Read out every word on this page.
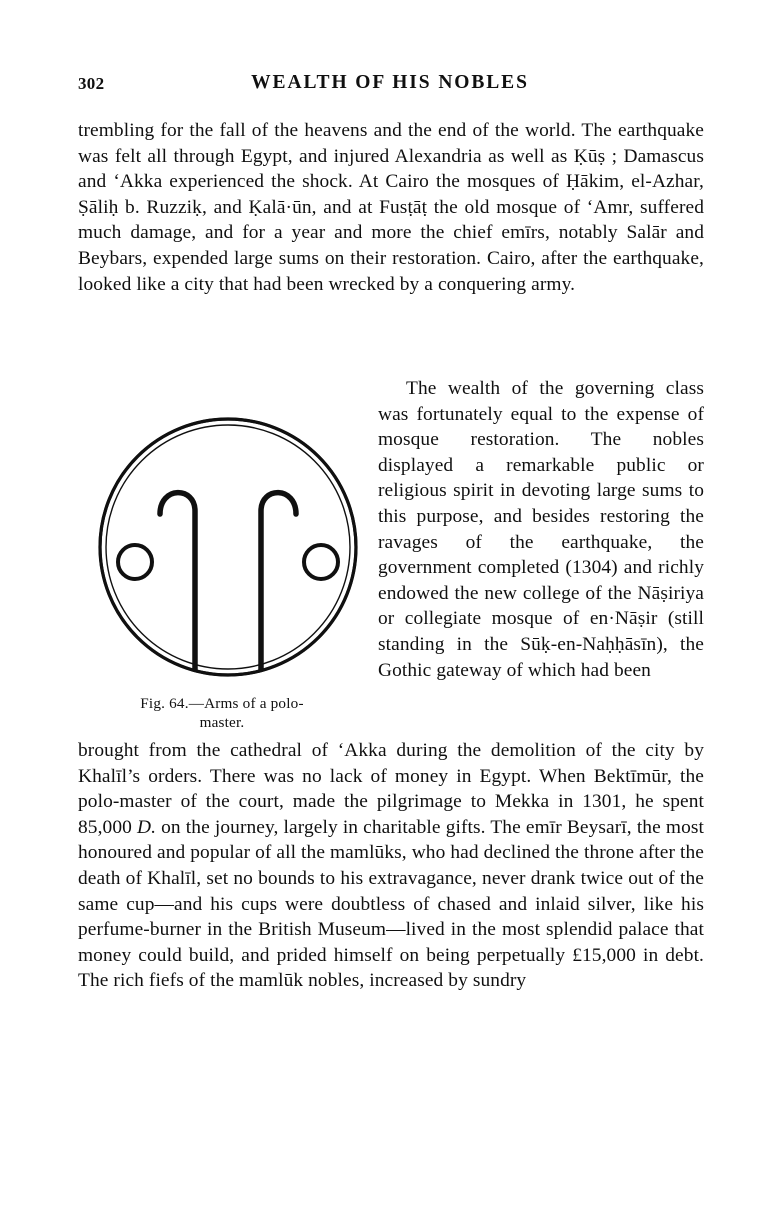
302	WEALTH OF HIS NOBLES

trembling for the fall of the heavens and the end of the world. The earthquake was felt all through Egypt, and injured Alexandria as well as Ḳūṣ ; Damascus and ‘Akka experienced the shock. At Cairo the mosques of Ḥākim, el-Azhar, Ṣāliḥ b. Ruzziḳ, and Ḳalā·ūn, and at Fusṭāṭ the old mosque of ‘Amr, suffered much damage, and for a year and more the chief emīrs, notably Salār and Beybars, expended large sums on their restoration. Cairo, after the earthquake, looked like a city that had been wrecked by a conquering army.

Fig. 64.—Arms of a polo-
master.

The wealth of the governing class was fortunately equal to the expense of mosque restoration. The nobles displayed a remarkable public or religious spirit in devoting large sums to this purpose, and besides restoring the ravages of the earthquake, the government completed (1304) and richly endowed the new college of the Nāṣiriya or collegiate mosque of en·Nāṣir (still standing in the Sūḳ-en-Naḥḥāsīn), the Gothic gateway of which had been

brought from the cathedral of ‘Akka during the demolition of the city by Khalīl’s orders. There was no lack of money in Egypt. When Bektīmūr, the polo-master of the court, made the pilgrimage to Mekka in 1301, he spent 85,000 D. on the journey, largely in charitable gifts. The emīr Beysarī, the most honoured and popular of all the mamlūks, who had declined the throne after the death of Khalīl, set no bounds to his extravagance, never drank twice out of the same cup—and his cups were doubtless of chased and inlaid silver, like his perfume-burner in the British Museum—lived in the most splendid palace that money could build, and prided himself on being perpetually £15,000 in debt. The rich fiefs of the mamlūk nobles, increased by sundry
